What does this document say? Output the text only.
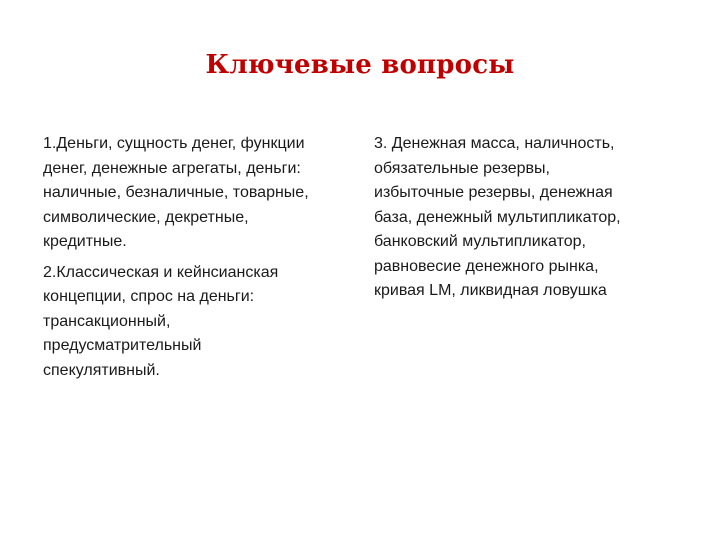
Ключевые вопросы

1.Деньги, сущность денег, функции
денег, денежные агрегаты, деньги:
наличные, безналичные, товарные,
символические, декретные,
кредитные.

2.Классическая и кейнсианская
концепции, спрос на деньги:
трансакционный,
предусматрительный
спекулятивный.

3. Денежная масса, наличность,
обязательные резервы,
избыточные резервы, денежная
база, денежный мультипликатор,
банковский мультипликатор,
равновесие денежного рынка,
кривая LM, ликвидная ловушка
